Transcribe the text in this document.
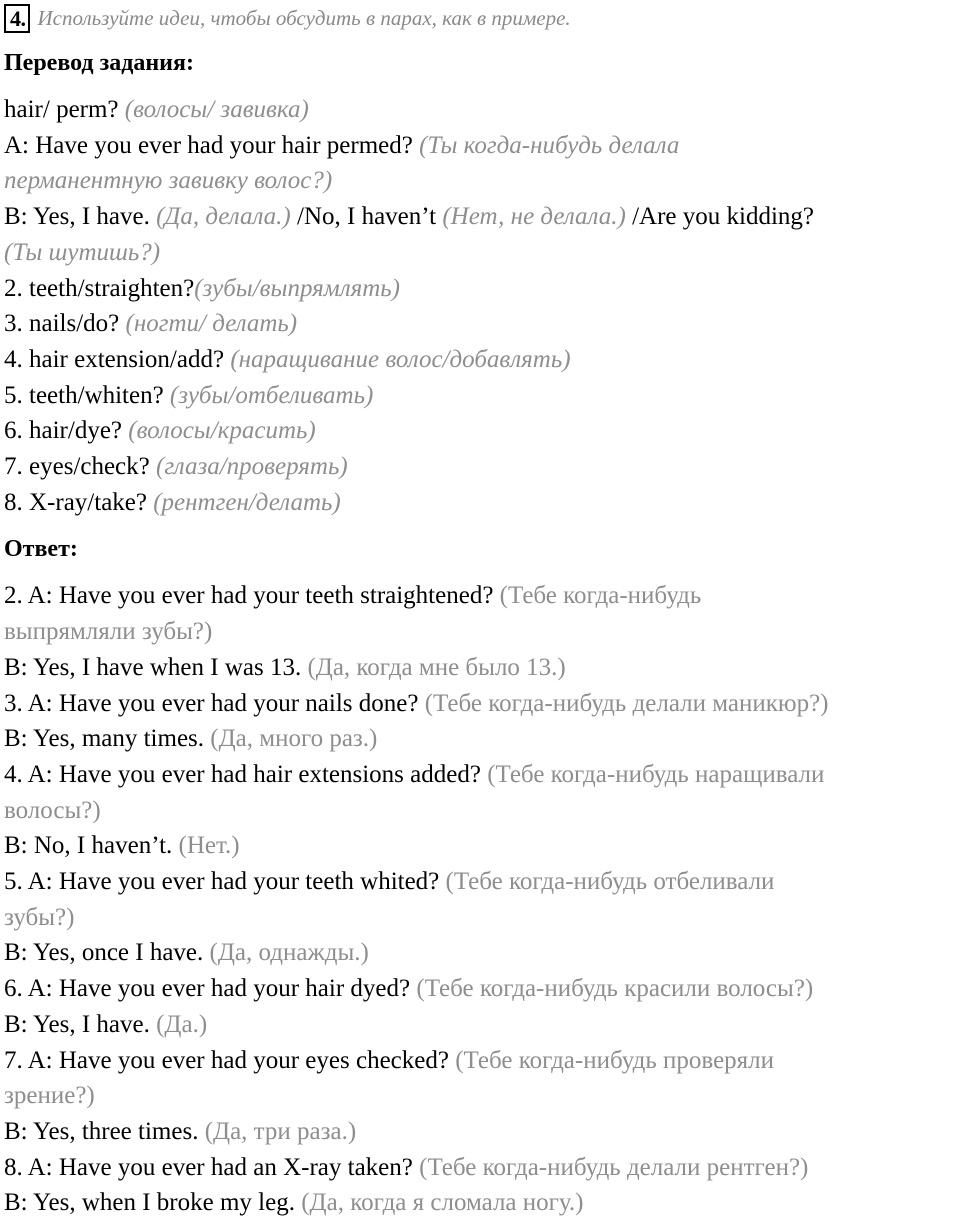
4. Используйте идеи, чтобы обсудить в парах, как в примере.

Перевод задания:

hair/ perm? (волосы/ завивка)

A: Have you ever had your hair permed? (Ты когда-нибудь делала

перманентную завивку волос?)

B: Yes, I have. (Да, делала.) /No, I haven’t (Нет, не делала.) /Are you kidding?

(Ты шутишь?)

2. teeth/straighten?(зубы/выпрямлять)

3. nails/do? (ногти/ делать)

4. hair extension/add? (наращивание волос/добавлять)

5. teeth/whiten? (зубы/отбеливать)

6. hair/dye? (волосы/красить)

7. eyes/check? (глаза/проверять)

8. X-ray/take? (рентген/делать)

Ответ:

2. A: Have you ever had your teeth straightened? (Тебе когда-нибудь

выпрямляли зубы?)

B: Yes, I have when I was 13. (Да, когда мне было 13.)

3. A: Have you ever had your nails done? (Тебе когда-нибудь делали маникюр?)

B: Yes, many times. (Да, много раз.)

4. A: Have you ever had hair extensions added? (Тебе когда-нибудь наращивали

волосы?)

B: No, I haven’t. (Нет.)

5. A: Have you ever had your teeth whited? (Тебе когда-нибудь отбеливали

зубы?)

B: Yes, once I have. (Да, однажды.)

6. A: Have you ever had your hair dyed? (Тебе когда-нибудь красили волосы?)

B: Yes, I have. (Да.)

7. A: Have you ever had your eyes checked? (Тебе когда-нибудь проверяли

зрение?)

B: Yes, three times. (Да, три раза.)

8. A: Have you ever had an X-ray taken? (Тебе когда-нибудь делали рентген?)

B: Yes, when I broke my leg. (Да, когда я сломала ногу.)
